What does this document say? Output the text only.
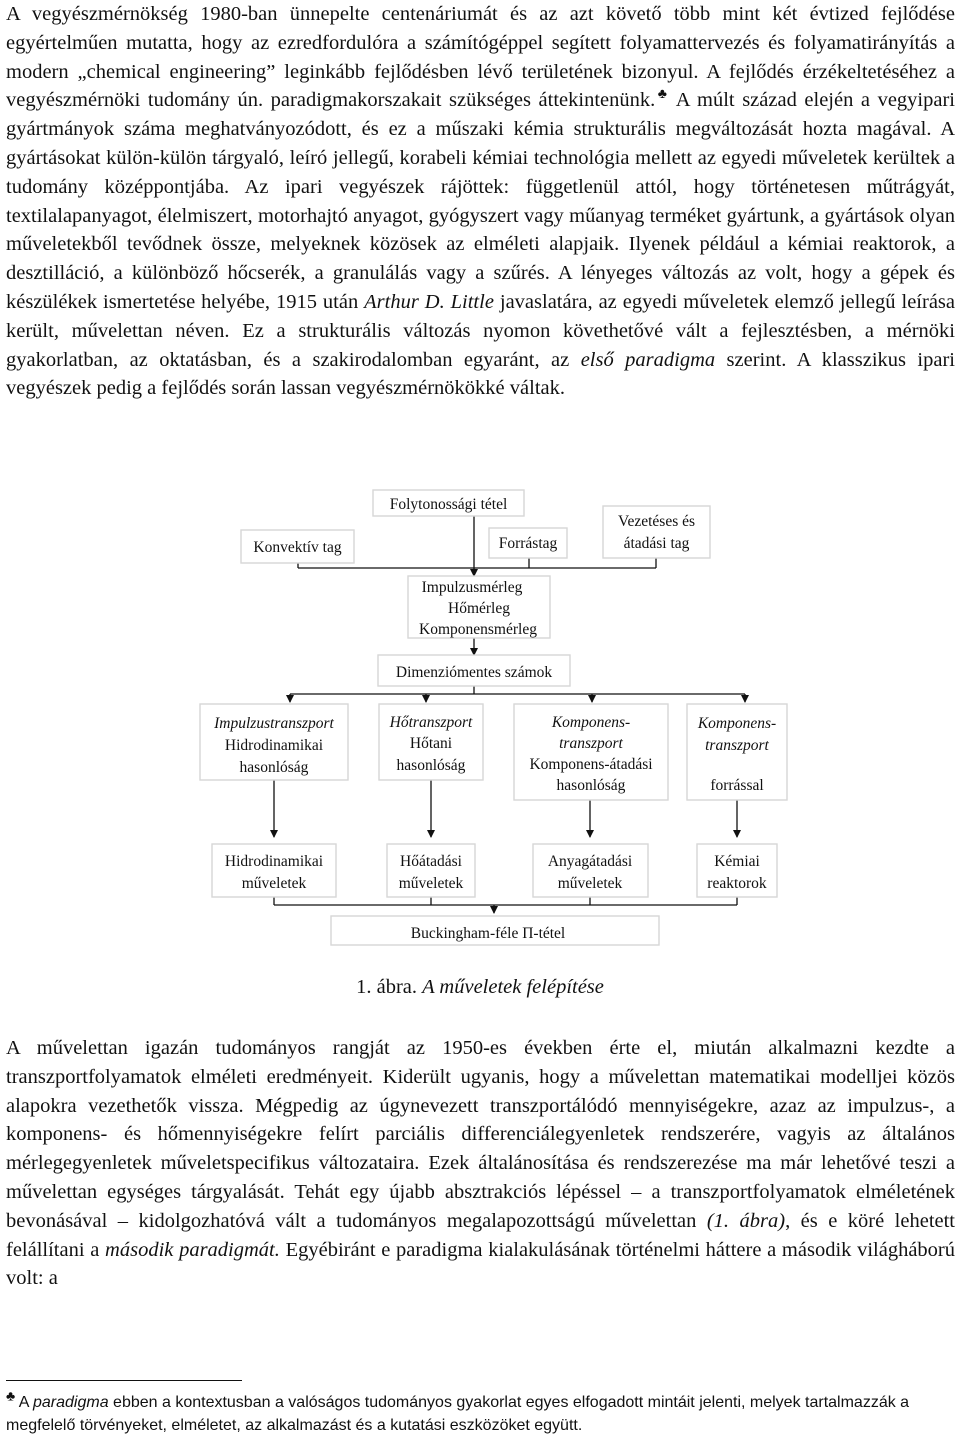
A vegyészmérnökség 1980-ban ünnepelte centenáriumát és az azt követő több mint két évtized fejlődése egyértelműen mutatta, hogy az ezredfordulóra a számítógéppel segített folyamattervezés és folyamatirányítás a modern „chemical engineering” leginkább fejlődésben lévő területének bizonyul. A fejlődés érzékeltetéséhez a vegyészmérnöki tudomány ún. paradigmakorszakait szükséges áttekintenünk.♣ A múlt század elején a vegyipari gyártmányok száma meghatványozódott, és ez a műszaki kémia strukturális megváltozását hozta magával. A gyártásokat külön-külön tárgyaló, leíró jellegű, korabeli kémiai technológia mellett az egyedi műveletek kerültek a tudomány középpontjába. Az ipari vegyészek rájöttek: függetlenül attól, hogy történetesen műtrágyát, textilalapanyagot, élelmiszert, motorhajtó anyagot, gyógyszert vagy műanyag terméket gyártunk, a gyártások olyan műveletekből tevődnek össze, melyeknek közösek az elméleti alapjaik. Ilyenek például a kémiai reaktorok, a desztilláció, a különböző hőcserék, a granulálás vagy a szűrés. A lényeges változás az volt, hogy a gépek és készülékek ismertetése helyébe, 1915 után Arthur D. Little javaslatára, az egyedi műveletek elemző jellegű leírása került, művelettan néven. Ez a strukturális változás nyomon követhetővé vált a fejlesztésben, a mérnöki gyakorlatban, az oktatásban, és a szakirodalomban egyaránt, az első paradigma szerint. A klasszikus ipari vegyészek pedig a fejlődés során lassan vegyészmérnökökké váltak.
Konvektív tag
Folytonossági tétel
Forrástag
Vezetéses és
átadási tag
Impulzusmérleg
Hőmérleg
Komponensmérleg
Dimenziómentes számok
Impulzustranszport
Hidrodinamikai
hasonlóság
Hőtranszport
Hőtani
hasonlóság
Komponens-
transzport
Komponens-átadási
hasonlóság
Komponens-
transzport
forrással
Hidrodinamikai
műveletek
Hőátadási
műveletek
Anyagátadási
műveletek
Kémiai
reaktorok
Buckingham-féle Π-tétel
1. ábra. A műveletek felépítése
A művelettan igazán tudományos rangját az 1950-es években érte el, miután alkalmazni kezdte a transzportfolyamatok elméleti eredményeit. Kiderült ugyanis, hogy a művelettan matematikai modelljei közös alapokra vezethetők vissza. Mégpedig az úgynevezett transzportálódó mennyiségekre, azaz az impulzus-, a komponens- és hőmennyiségekre felírt parciális differenciálegyenletek rendszerére, vagyis az általános mérlegegyenletek műveletspecifikus változataira. Ezek általánosítása és rendszerezése ma már lehetővé teszi a művelettan egységes tárgyalását. Tehát egy újabb absztrakciós lépéssel – a transzportfolyamatok elméletének bevonásával – kidolgozhatóvá vált a tudományos megalapozottságú művelettan (1. ábra), és e köré lehetett felállítani a második paradigmát. Egyébiránt e paradigma kialakulásának történelmi háttere a második világháború volt: a
♣ A paradigma ebben a kontextusban a valóságos tudományos gyakorlat egyes elfogadott mintáit jelenti, melyek tartalmazzák a megfelelő törvényeket, elméletet, az alkalmazást és a kutatási eszközöket együtt.
